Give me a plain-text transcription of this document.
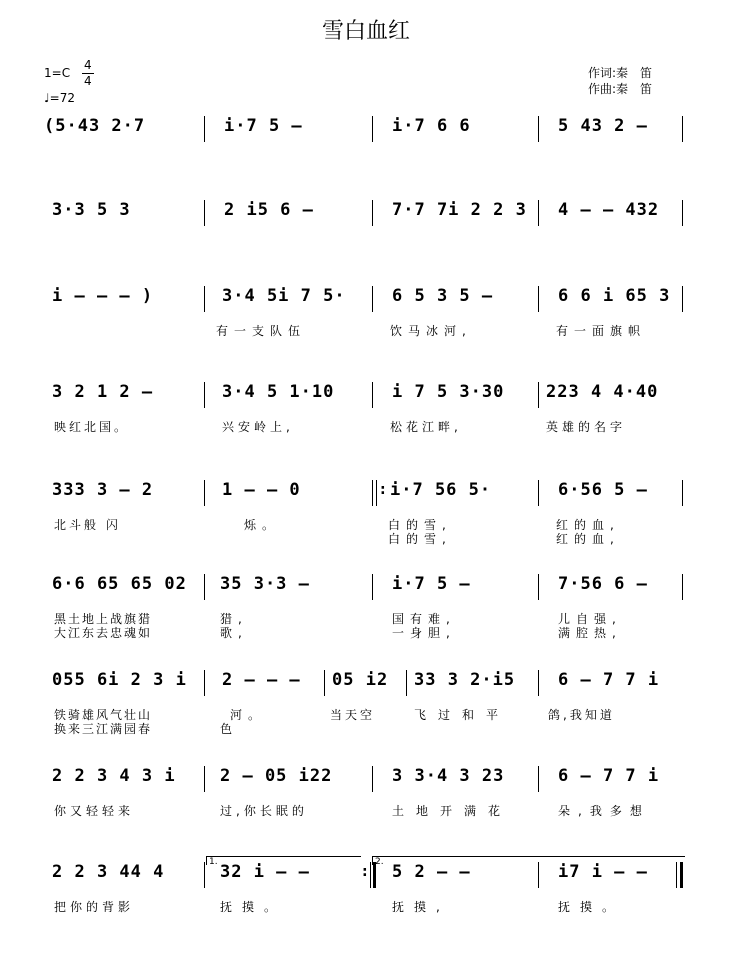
雪白血红
1=C
4
4
♩=72
作词:秦　笛
作曲:秦　笛
(5·43 2·7	i·7 5 –	i·7 6 6	5 43 2 –
3·3 5 3	2 i5 6 –	7·7 7i 2 2 3 4 – – 432
i – – – )	3·4 5i 7 5·
有一支队伍
6 5 3 5 –
饮马冰河,
6 6 i 65 3
有一面旗帜
3 2 1 2 –
映红北国。
3·4 5 1·10
兴安岭上,
i 7 5 3·30
松花江畔,
223 4 4·40
英雄的名字
333 3 – 2
北斗般 闪
1 – – 0
烁。
: i·7 56 5·
白的雪,
白的雪,
6·56 5 –
红的血,
红的血,
6·6 65 65 02
黑土地上战旗猎
大江东去忠魂如
35 3·3 –
猎,
歌,
i·7 5 –
国有难,
一身胆,
7·56 6 –
儿自强,
满腔热,
055 6i 2 3 i
铁骑雄风气壮山
换来三江满园春
2 – – –
河。
色
05 i2
当天空
33 3 2·i5
飞过和平
6 – 7 7 i
鸽,我知道
2 2 3 4 3 i
你又轻轻来
2 – 05 i22
过,你长眠的
3 3·4 3 23
土地开满花
6 – 7 7 i
朵,我多想
2 2 3 44 4
把你的背影
1. 32 i – –
抚摸。
:
2. 5 2 – –
抚摸,
i7 i – –
抚摸。
